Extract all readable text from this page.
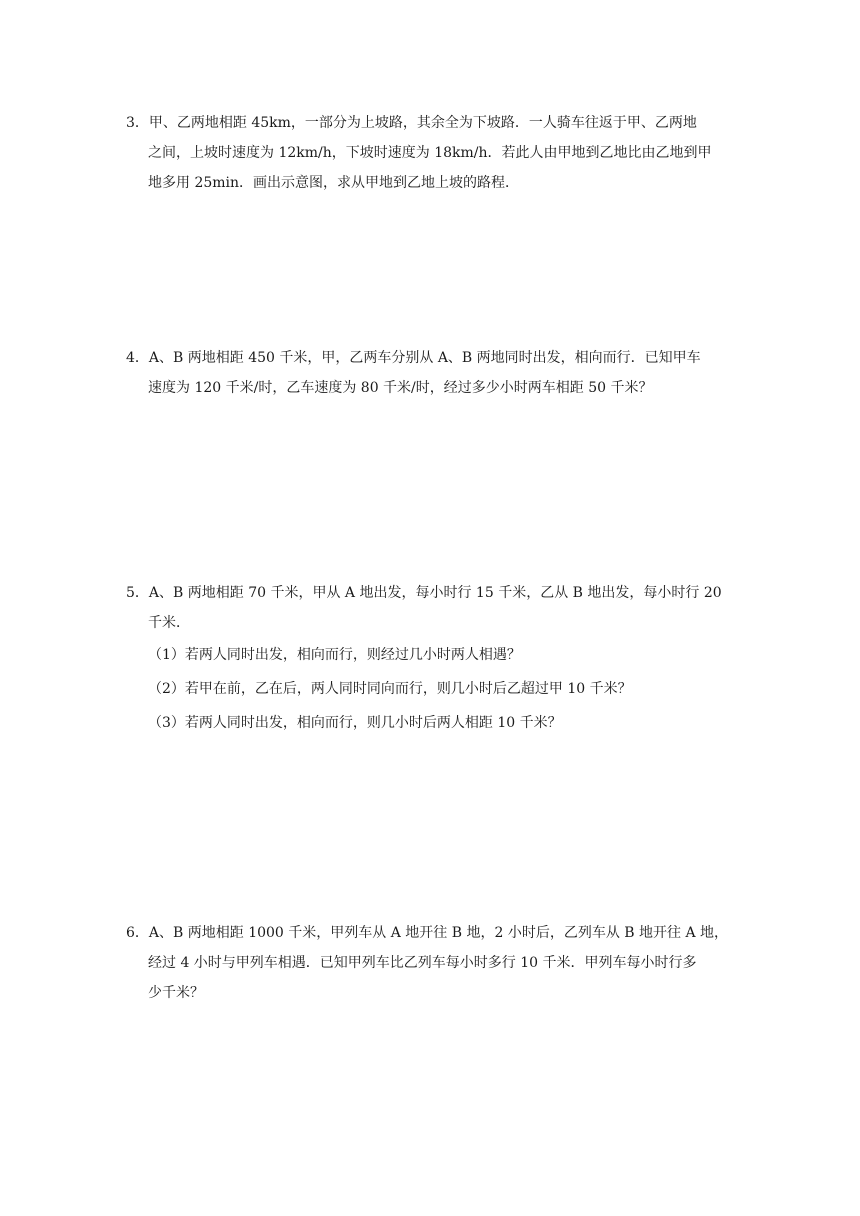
3．甲、乙两地相距 45km，一部分为上坡路，其余全为下坡路．一人骑车往返于甲、乙两地
之间，上坡时速度为 12km/h，下坡时速度为 18km/h．若此人由甲地到乙地比由乙地到甲
地多用 25min．画出示意图，求从甲地到乙地上坡的路程．
4．A、B 两地相距 450 千米，甲，乙两车分别从 A、B 两地同时出发，相向而行．已知甲车
速度为 120 千米/时，乙车速度为 80 千米/时，经过多少小时两车相距 50 千米？
5．A、B 两地相距 70 千米，甲从 A 地出发，每小时行 15 千米，乙从 B 地出发，每小时行 20
千米．
（1）若两人同时出发，相向而行，则经过几小时两人相遇？
（2）若甲在前，乙在后，两人同时同向而行，则几小时后乙超过甲 10 千米？
（3）若两人同时出发，相向而行，则几小时后两人相距 10 千米？
6．A、B 两地相距 1000 千米，甲列车从 A 地开往 B 地，2 小时后，乙列车从 B 地开往 A 地，
经过 4 小时与甲列车相遇．已知甲列车比乙列车每小时多行 10 千米．甲列车每小时行多
少千米？
